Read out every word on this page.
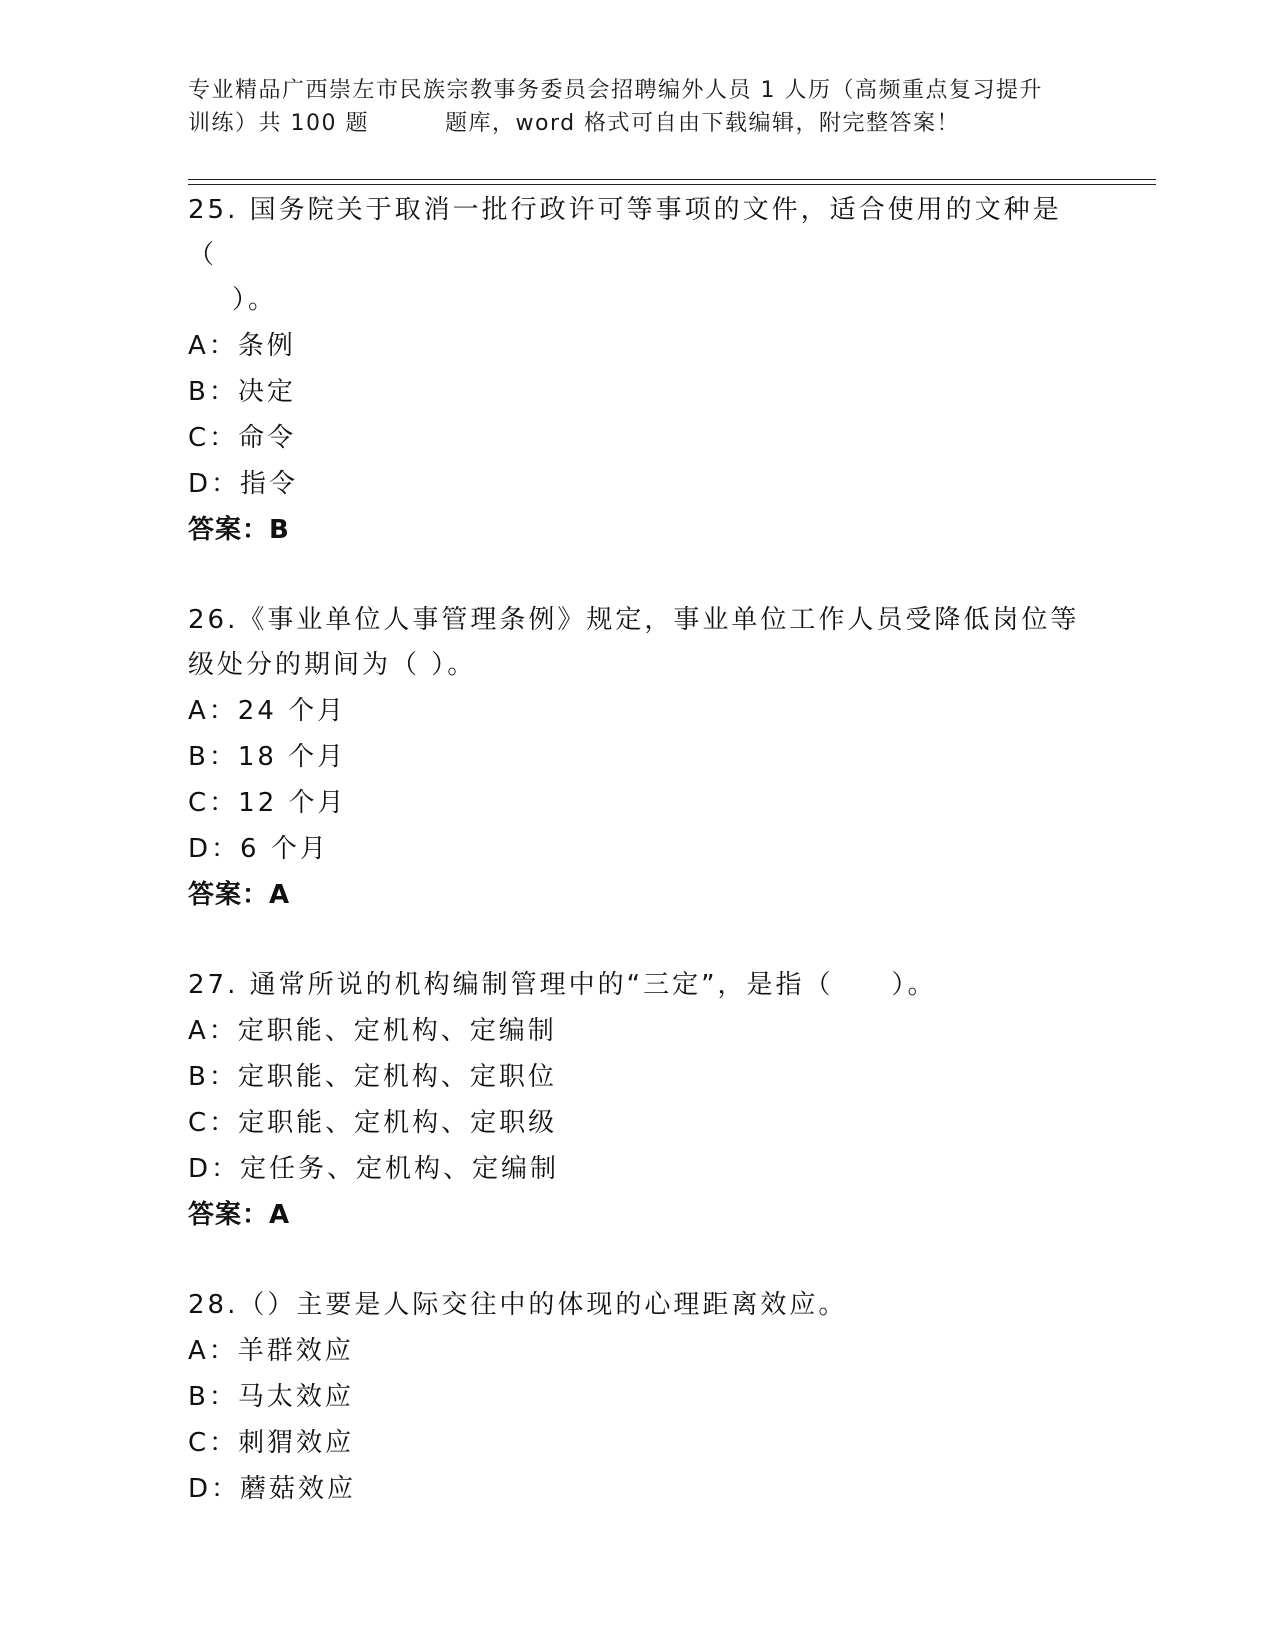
专业精品广西崇左市民族宗教事务委员会招聘编外人员 1 人历（高频重点复习提升
训练）共 100 题	题库，word 格式可自由下载编辑，附完整答案！
25. 国务院关于取消一批行政许可等事项的文件，适合使用的文种是（
）。
A：条例
B：决定
C：命令
D：指令
答案：B
26.《事业单位人事管理条例》规定，事业单位工作人员受降低岗位等
级处分的期间为（ ）。
A：24 个月
B：18 个月
C：12 个月
D：6 个月
答案：A
27. 通常所说的机构编制管理中的“三定”，是指（　　）。
A：定职能、定机构、定编制
B：定职能、定机构、定职位
C：定职能、定机构、定职级
D：定任务、定机构、定编制
答案：A
28.（）主要是人际交往中的体现的心理距离效应。
A：羊群效应
B：马太效应
C：刺猬效应
D：蘑菇效应
